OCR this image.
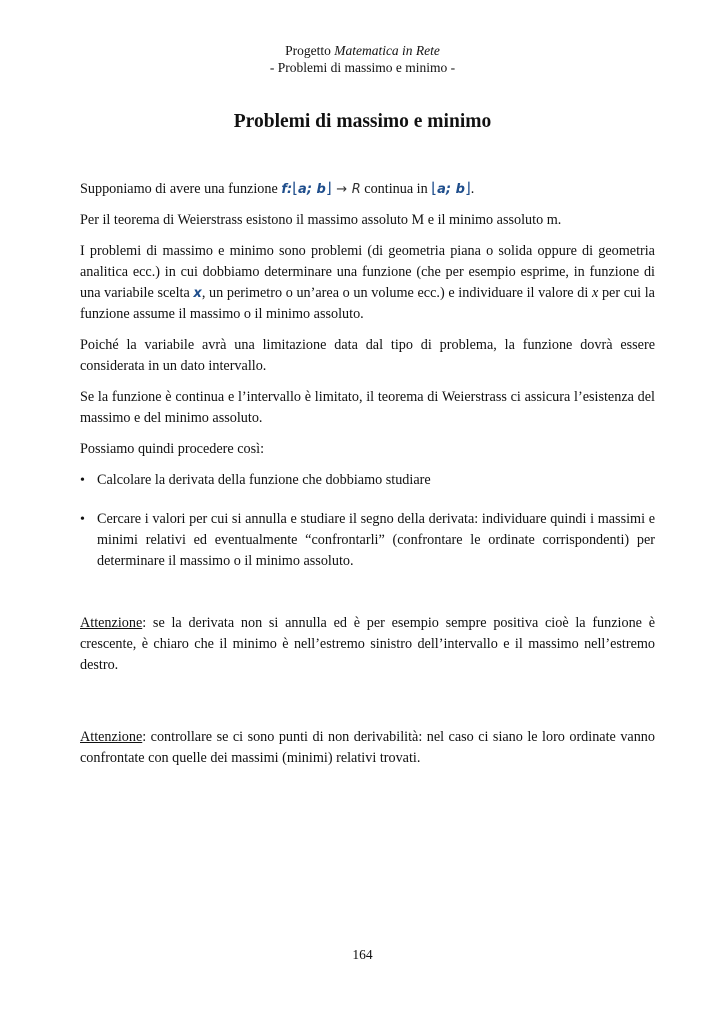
Progetto Matematica in Rete
- Problemi di massimo e minimo -
Problemi di massimo e minimo

Supponiamo di avere una funzione f:⌊a; b⌋ → R continua in ⌊a; b⌋.

Per il teorema di Weierstrass esistono il massimo assoluto M e il minimo assoluto m.

I problemi di massimo e minimo sono problemi (di geometria piana o solida oppure di geometria analitica ecc.) in cui dobbiamo determinare una funzione (che per esempio esprime, in funzione di una variabile scelta x, un perimetro o un’area o un volume ecc.) e individuare il valore di x per cui la funzione assume il massimo o il minimo assoluto.

Poiché la variabile avrà una limitazione data dal tipo di problema, la funzione dovrà essere considerata in un dato intervallo.

Se la funzione è continua e l’intervallo è limitato, il teorema di Weierstrass ci assicura l’esistenza del massimo e del minimo assoluto.

Possiamo quindi procedere così:

• Calcolare la derivata della funzione che dobbiamo studiare
• Cercare i valori per cui si annulla e studiare il segno della derivata: individuare quindi i massimi e minimi relativi ed eventualmente “confrontarli” (confrontare le ordinate corrispondenti) per determinare il massimo o il minimo assoluto.

Attenzione: se la derivata non si annulla ed è per esempio sempre positiva cioè la funzione è crescente, è chiaro che il minimo è nell’estremo sinistro dell’intervallo e il massimo nell’estremo destro.

Attenzione: controllare se ci sono punti di non derivabilità: nel caso ci siano le loro ordinate vanno confrontate con quelle dei massimi (minimi) relativi trovati.

164
